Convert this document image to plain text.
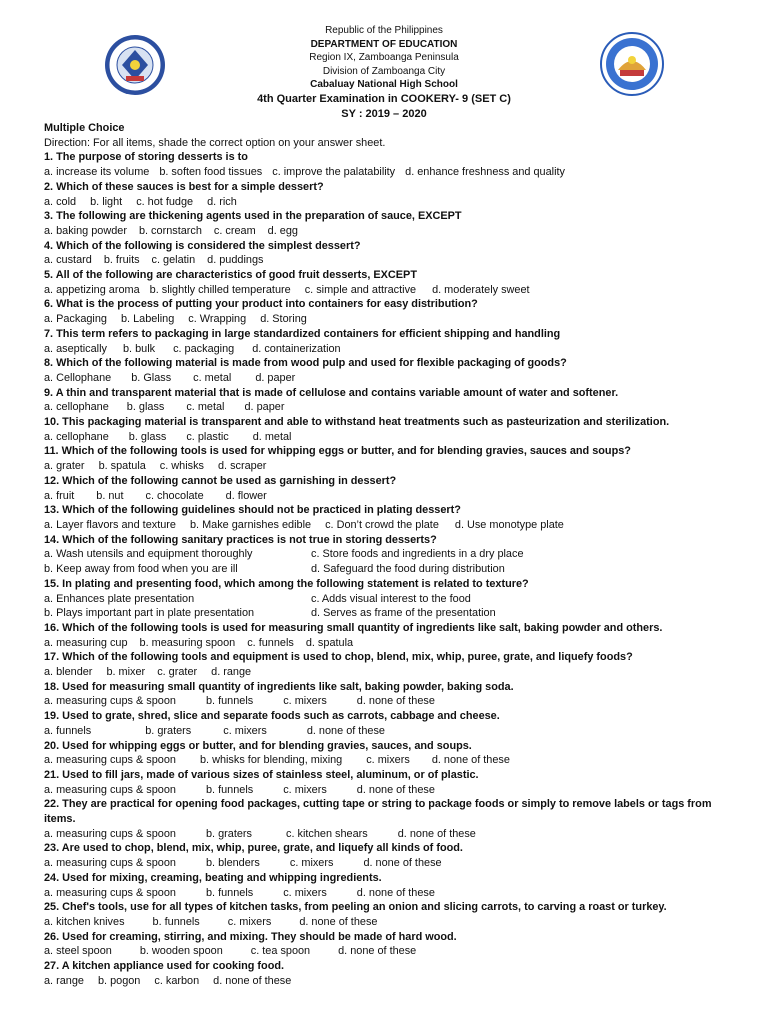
Republic of the Philippines
DEPARTMENT OF EDUCATION
Region IX, Zamboanga Peninsula
Division of Zamboanga City
Cabaluay National High School
4th Quarter Examination in COOKERY- 9 (SET C)
SY : 2019 – 2020
Multiple Choice
Direction: For all items, shade the correct option on your answer sheet.
1. The purpose of storing desserts is to
a. increase its volume b. soften food tissues c. improve the palatability d. enhance freshness and quality
2. Which of these sauces is best for a simple dessert?
a. cold b. light c. hot fudge d. rich
3. The following are thickening agents used in the preparation of sauce, EXCEPT
a. baking powder b. cornstarch c. cream d. egg
4. Which of the following is considered the simplest dessert?
a. custard b. fruits c. gelatin d. puddings
5. All of the following are characteristics of good fruit desserts, EXCEPT
a. appetizing aroma b. slightly chilled temperature c. simple and attractive d. moderately sweet
6. What is the process of putting your product into containers for easy distribution?
a. Packaging b. Labeling c. Wrapping d. Storing
7. This term refers to packaging in large standardized containers for efficient shipping and handling
a. aseptically b. bulk c. packaging d. containerization
8. Which of the following material is made from wood pulp and used for flexible packaging of goods?
a. Cellophane b. Glass c. metal d. paper
9. A thin and transparent material that is made of cellulose and contains variable amount of water and softener.
a. cellophane b. glass c. metal d. paper
10. This packaging material is transparent and able to withstand heat treatments such as pasteurization and sterilization.
a. cellophane b. glass c. plastic d. metal
11. Which of the following tools is used for whipping eggs or butter, and for blending gravies, sauces and soups?
a. grater b. spatula c. whisks d. scraper
12. Which of the following cannot be used as garnishing in dessert?
a. fruit b. nut c. chocolate d. flower
13. Which of the following guidelines should not be practiced in plating dessert?
a. Layer flavors and texture b. Make garnishes edible c. Don’t crowd the plate d. Use monotype plate
14. Which of the following sanitary practices is not true in storing desserts?
a. Wash utensils and equipment thoroughly	c. Store foods and ingredients in a dry place
b. Keep away from food when you are ill	d. Safeguard the food during distribution
15. In plating and presenting food, which among the following statement is related to texture?
a. Enhances plate presentation	c. Adds visual interest to the food
b. Plays important part in plate presentation	d. Serves as frame of the presentation
16. Which of the following tools is used for measuring small quantity of ingredients like salt, baking powder and others.
a. measuring cup b. measuring spoon c. funnels d. spatula
17. Which of the following tools and equipment is used to chop, blend, mix, whip, puree, grate, and liquefy foods?
a. blender b. mixer c. grater d. range
18. Used for measuring small quantity of ingredients like salt, baking powder, baking soda.
a. measuring cups & spoon	b. funnels	c. mixers	d. none of these
19. Used to grate, shred, slice and separate foods such as carrots, cabbage and cheese.
a. funnels	b. graters	c. mixers	d. none of these
20. Used for whipping eggs or butter, and for blending gravies, sauces, and soups.
a. measuring cups & spoon b. whisks for blending, mixing c. mixers d. none of these
21. Used to fill jars, made of various sizes of stainless steel, aluminum, or of plastic.
a. measuring cups & spoon	b. funnels	c. mixers	d. none of these
22. They are practical for opening food packages, cutting tape or string to package foods or simply to remove labels or tags from items.
a. measuring cups & spoon	b. graters	c. kitchen shears	d. none of these
23. Are used to chop, blend, mix, whip, puree, grate, and liquefy all kinds of food.
a. measuring cups & spoon	b. blenders	c. mixers	d. none of these
24. Used for mixing, creaming, beating and whipping ingredients.
a. measuring cups & spoon	b. funnels	c. mixers	d. none of these
25. Chef's tools, use for all types of kitchen tasks, from peeling an onion and slicing carrots, to carving a roast or turkey.
a. kitchen knives	b. funnels	c. mixers	d. none of these
26. Used for creaming, stirring, and mixing. They should be made of hard wood.
a. steel spoon	b. wooden spoon	c. tea spoon	d. none of these
27. A kitchen appliance used for cooking food.
a. range b. pogon c. karbon d. none of these
